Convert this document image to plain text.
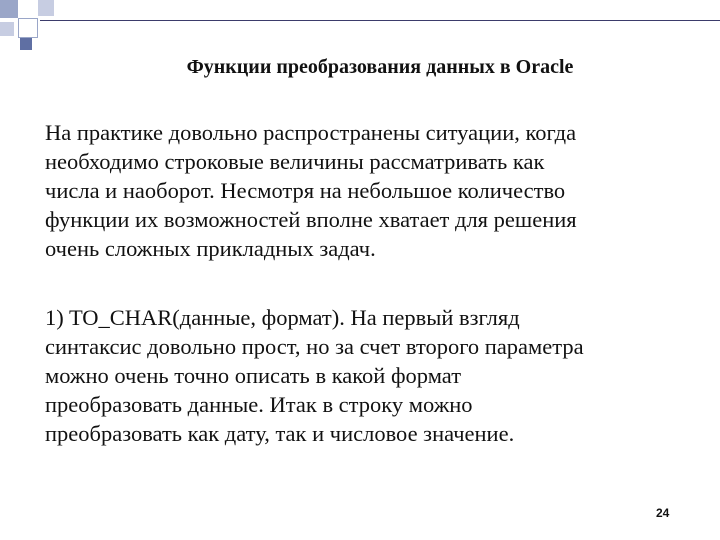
Функции преобразования данных в Oracle

На практике довольно распространены ситуации, когда
необходимо строковые величины рассматривать как
числа и наоборот. Несмотря на небольшое количество
функции их возможностей вполне хватает для решения
очень сложных прикладных задач.

1) TO_CHAR(данные, формат). На первый взгляд
синтаксис довольно прост, но за счет второго параметра
можно очень точно описать в какой формат
преобразовать данные. Итак в строку можно
преобразовать как дату, так и числовое значение.

24
